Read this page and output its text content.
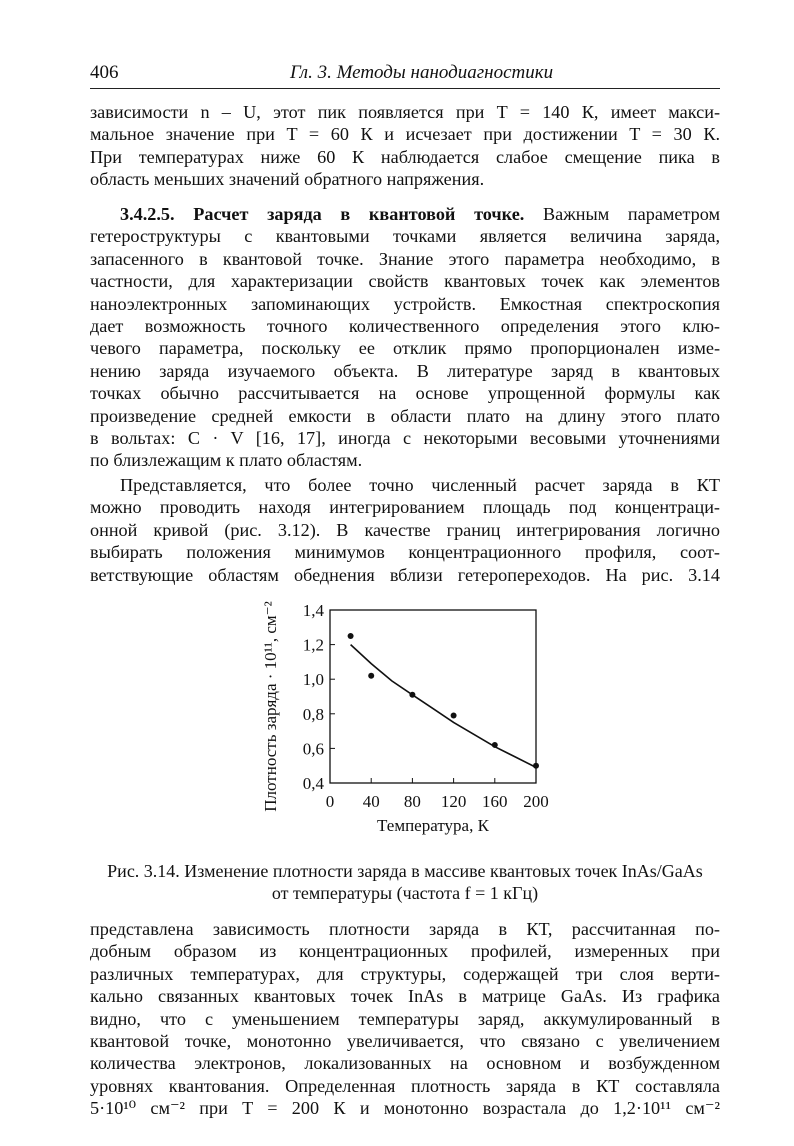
406	Гл. 3. Методы нанодиагностики
зависимости n – U, этот пик появляется при T = 140 К, имеет макси-
мальное значение при T = 60 К и исчезает при достижении T = 30 К.
При температурах ниже 60 К наблюдается слабое смещение пика в
область меньших значений обратного напряжения.
3.4.2.5. Расчет заряда в квантовой точке. Важным параметром
гетероструктуры с квантовыми точками является величина заряда,
запасенного в квантовой точке. Знание этого параметра необходимо, в
частности, для характеризации свойств квантовых точек как элементов
наноэлектронных запоминающих устройств. Емкостная спектроскопия
дает возможность точного количественного определения этого клю-
чевого параметра, поскольку ее отклик прямо пропорционален изме-
нению заряда изучаемого объекта. В литературе заряд в квантовых
точках обычно рассчитывается на основе упрощенной формулы как
произведение средней емкости в области плато на длину этого плато
в вольтах: C · V [16, 17], иногда с некоторыми весовыми уточнениями
по близлежащим к плато областям.
Представляется, что более точно численный расчет заряда в КТ
можно проводить находя интегрированием площадь под концентраци-
онной кривой (рис. 3.12). В качестве границ интегрирования логично
выбирать положения минимумов концентрационного профиля, соот-
ветствующие областям обеднения вблизи гетеропереходов. На рис. 3.14
0,4
0,6
0,8
1,0
1,2
1,4
0 40 80 120 160 200
Температура, К
Плотность заряда · 10¹¹, см⁻²
Рис. 3.14. Изменение плотности заряда в массиве квантовых точек InAs/GaAs
от температуры (частота f = 1 кГц)
представлена зависимость плотности заряда в КТ, рассчитанная по-
добным образом из концентрационных профилей, измеренных при
различных температурах, для структуры, содержащей три слоя верти-
кально связанных квантовых точек InAs в матрице GaAs. Из графика
видно, что с уменьшением температуры заряд, аккумулированный в
квантовой точке, монотонно увеличивается, что связано с увеличением
количества электронов, локализованных на основном и возбужденном
уровнях квантования. Определенная плотность заряда в КТ составляла
5·10¹⁰ см⁻² при T = 200 К и монотонно возрастала до 1,2·10¹¹ см⁻²
